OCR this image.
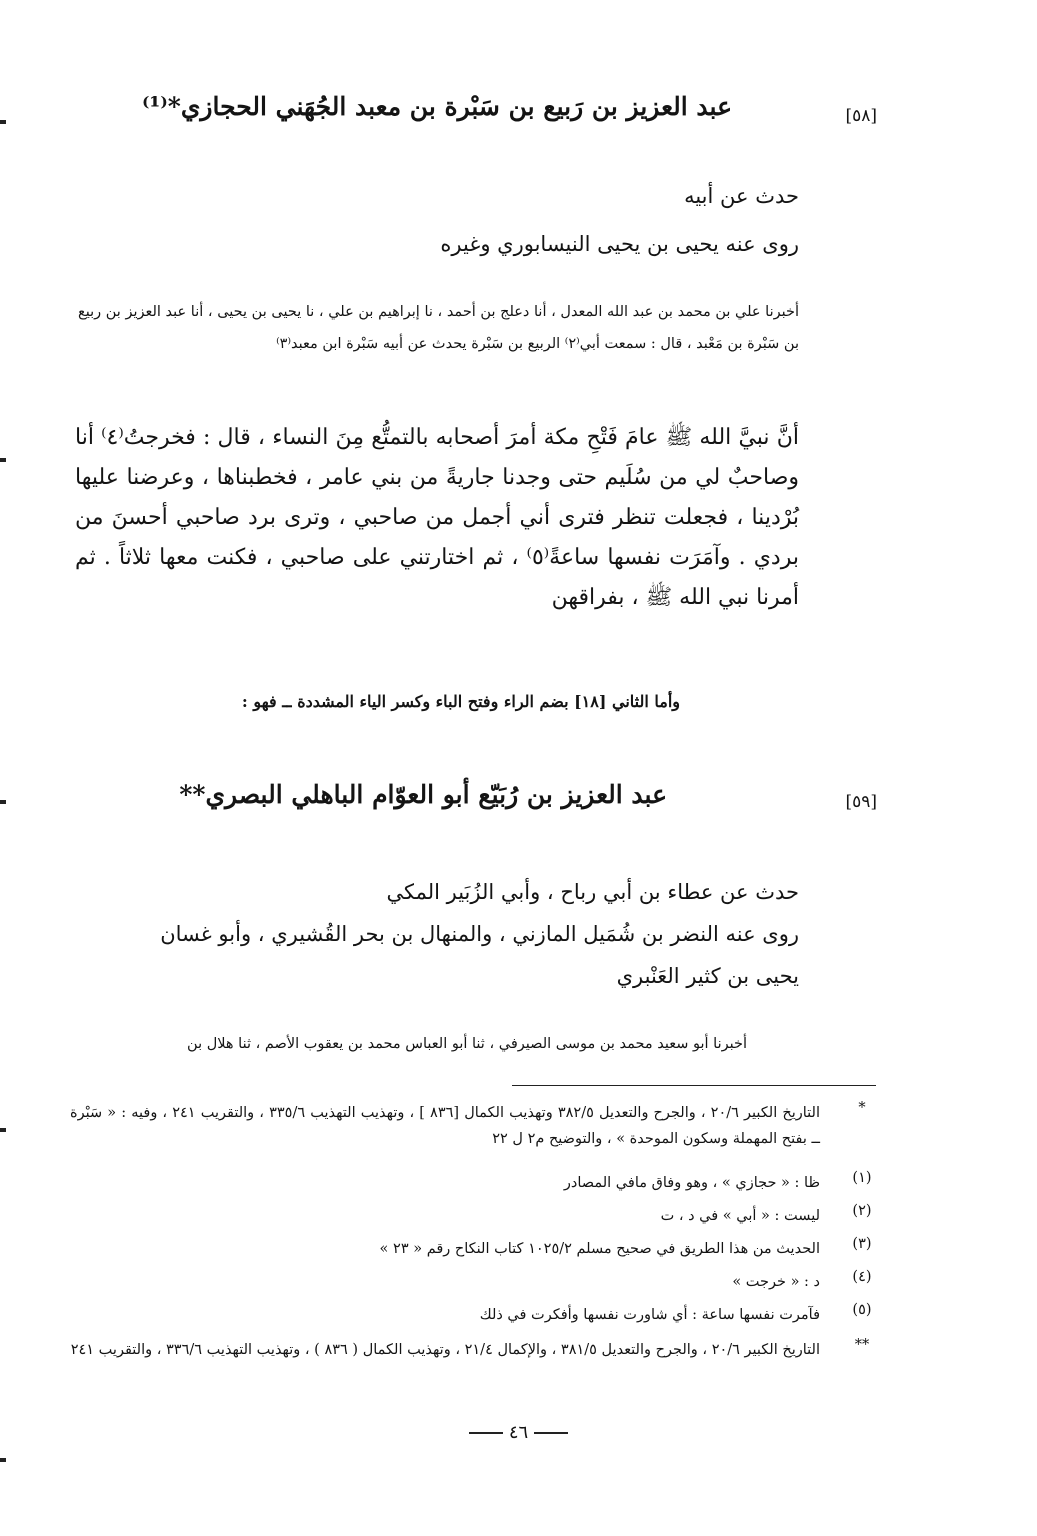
[٥٨]
عبد العزيز بن رَبيع بن سَبْرة بن معبد الجُهَني الحجازي*⁽¹⁾
حدث عن أبيه
روى عنه يحيى بن يحيى النيسابوري وغيره
أخبرنا علي بن محمد بن عبد الله المعدل ، أنا دعلج بن أحمد ، نا إبراهيم بن علي ، نا يحيى بن يحيى ، أنا عبد العزيز بن ربيع بن سَبْرة بن مَعْبد ، قال : سمعت أبي⁽٢⁾ الربيع بن سَبْرة يحدث عن أبيه سَبْرة ابن معبد⁽٣⁾
أنَّ نبيَّ الله ﷺ عامَ فَتْحِ مكة أمرَ أصحابه بالتمتُّع مِنَ النساء ، قال : فخرجتُ⁽٤⁾ أنا وصاحبٌ لي من سُلَيم حتى وجدنا جاريةً من بني عامر ، فخطبناها ، وعرضنا عليها بُرْدينا ، فجعلت تنظر فترى أني أجمل من صاحبي ، وترى برد صاحبي أحسنَ من بردي . وآمَرَت نفسها ساعةً⁽٥⁾ ، ثم اختارتني على صاحبي ، فكنت معها ثلاثاً . ثم أمرنا نبي الله ﷺ ، بفراقهن
وأما الثاني [١٨] بضم الراء وفتح الباء وكسر الياء المشددة ــ فهو :
[٥٩]
عبد العزيز بن رُبَيّع أبو العوّام الباهلي البصري**
حدث عن عطاء بن أبي رباح ، وأبي الزُبَير المكي
روى عنه النضر بن شُمَيل المازني ، والمنهال بن بحر القُشيري ، وأبو غسان
يحيى بن كثير العَنْبري
أخبرنا أبو سعيد محمد بن موسى الصيرفي ، ثنا أبو العباس محمد بن يعقوب الأصم ، ثنا هلال بن
*
التاريخ الكبير ٢٠/٦ ، والجرح والتعديل ٣٨٢/٥ وتهذيب الكمال [٨٣٦ ] ، وتهذيب التهذيب ٣٣٥/٦ ، والتقريب ٢٤١ ، وفيه : « سَبْرة ــ بفتح المهملة وسكون الموحدة » ، والتوضيح م٢ ل ٢٢
(١)
ظا : « حجازي » ، وهو وفاق مافي المصادر
(٢)
ليست : « أبي » في د ، ت
(٣)
الحديث من هذا الطريق في صحيح مسلم ١٠٢٥/٢ كتاب النكاح رقم « ٢٣ »
(٤)
د : « خرجت »
(٥)
فآمرت نفسها ساعة : أي شاورت نفسها وأفكرت في ذلك
**
التاريخ الكبير ٢٠/٦ ، والجرح والتعديل ٣٨١/٥ ، والإكمال ٢١/٤ ، وتهذيب الكمال ( ٨٣٦ ) ، وتهذيب التهذيب ٣٣٦/٦ ، والتقريب ٢٤١
٤٦
